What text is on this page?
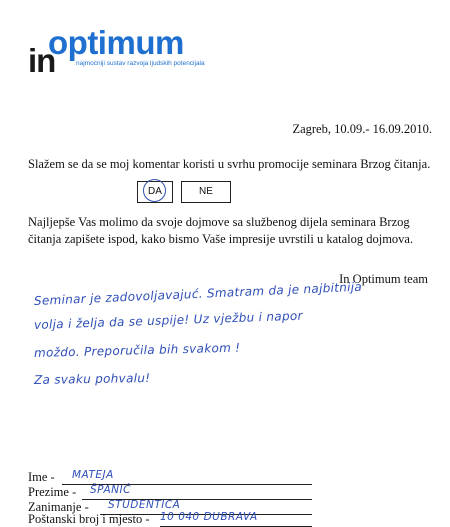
in
optimum
najmoćniji sustav razvoja ljudskih potencijala
Zagreb, 10.09.- 16.09.2010.
Slažem se da se moj komentar koristi u svrhu promocije seminara Brzog čitanja.
DA	NE
Najljepše Vas molimo da svoje dojmove sa službenog dijela seminara Brzog čitanja zapišete ispod, kako bismo Vaše impresije uvrstili u katalog dojmova.
In Optimum team
Seminar je zadovoljavajuć. Smatram da je najbitnija
volja i želja da se uspije! Uz vježbu i napor
moždo. Preporučila bih svakom !
Za svaku pohvalu!
Ime - MATEJA
Prezime - ŠPANIĆ
Zanimanje - STUDENTICA
Poštanski broj i mjesto - 10 040 DUBRAVA
